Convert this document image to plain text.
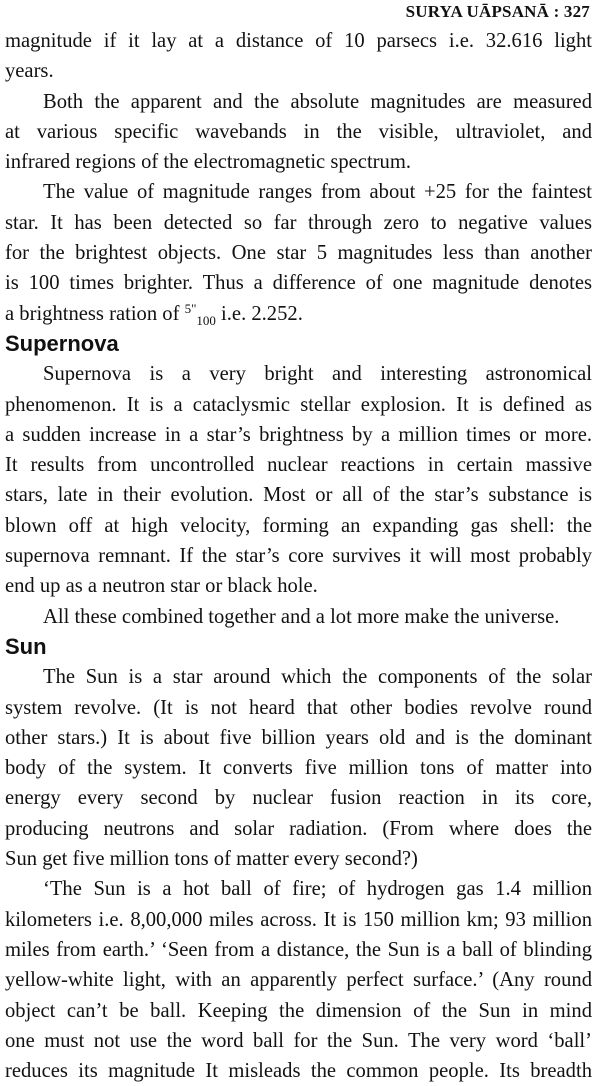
SURYA UĀPSANĀ : 327
magnitude if it lay at a distance of 10 parsecs i.e. 32.616 light
years.
Both the apparent and the absolute magnitudes are measured
at various specific wavebands in the visible, ultraviolet, and
infrared regions of the electromagnetic spectrum.
The value of magnitude ranges from about +25 for the faintest
star. It has been detected so far through zero to negative values
for the brightest objects. One star 5 magnitudes less than another
is 100 times brighter. Thus a difference of one magnitude denotes
a brightness ration of $^{5"}_{100}$ i.e. 2.252.
Supernova
Supernova is a very bright and interesting astronomical
phenomenon. It is a cataclysmic stellar explosion. It is defined as
a sudden increase in a star’s brightness by a million times or more.
It results from uncontrolled nuclear reactions in certain massive
stars, late in their evolution. Most or all of the star’s substance is
blown off at high velocity, forming an expanding gas shell: the
supernova remnant. If the star’s core survives it will most probably
end up as a neutron star or black hole.
All these combined together and a lot more make the universe.
Sun
The Sun is a star around which the components of the solar
system revolve. (It is not heard that other bodies revolve round
other stars.) It is about five billion years old and is the dominant
body of the system. It converts five million tons of matter into
energy every second by nuclear fusion reaction in its core,
producing neutrons and solar radiation. (From where does the
Sun get five million tons of matter every second?)
‘The Sun is a hot ball of fire; of hydrogen gas 1.4 million
kilometers i.e. 8,00,000 miles across. It is 150 million km; 93 million
miles from earth.’ ‘Seen from a distance, the Sun is a ball of blinding
yellow-white light, with an apparently perfect surface.’ (Any round
object can’t be ball. Keeping the dimension of the Sun in mind
one must not use the word ball for the Sun. The very word ‘ball’
reduces its magnitude It misleads the common people. Its breadth
